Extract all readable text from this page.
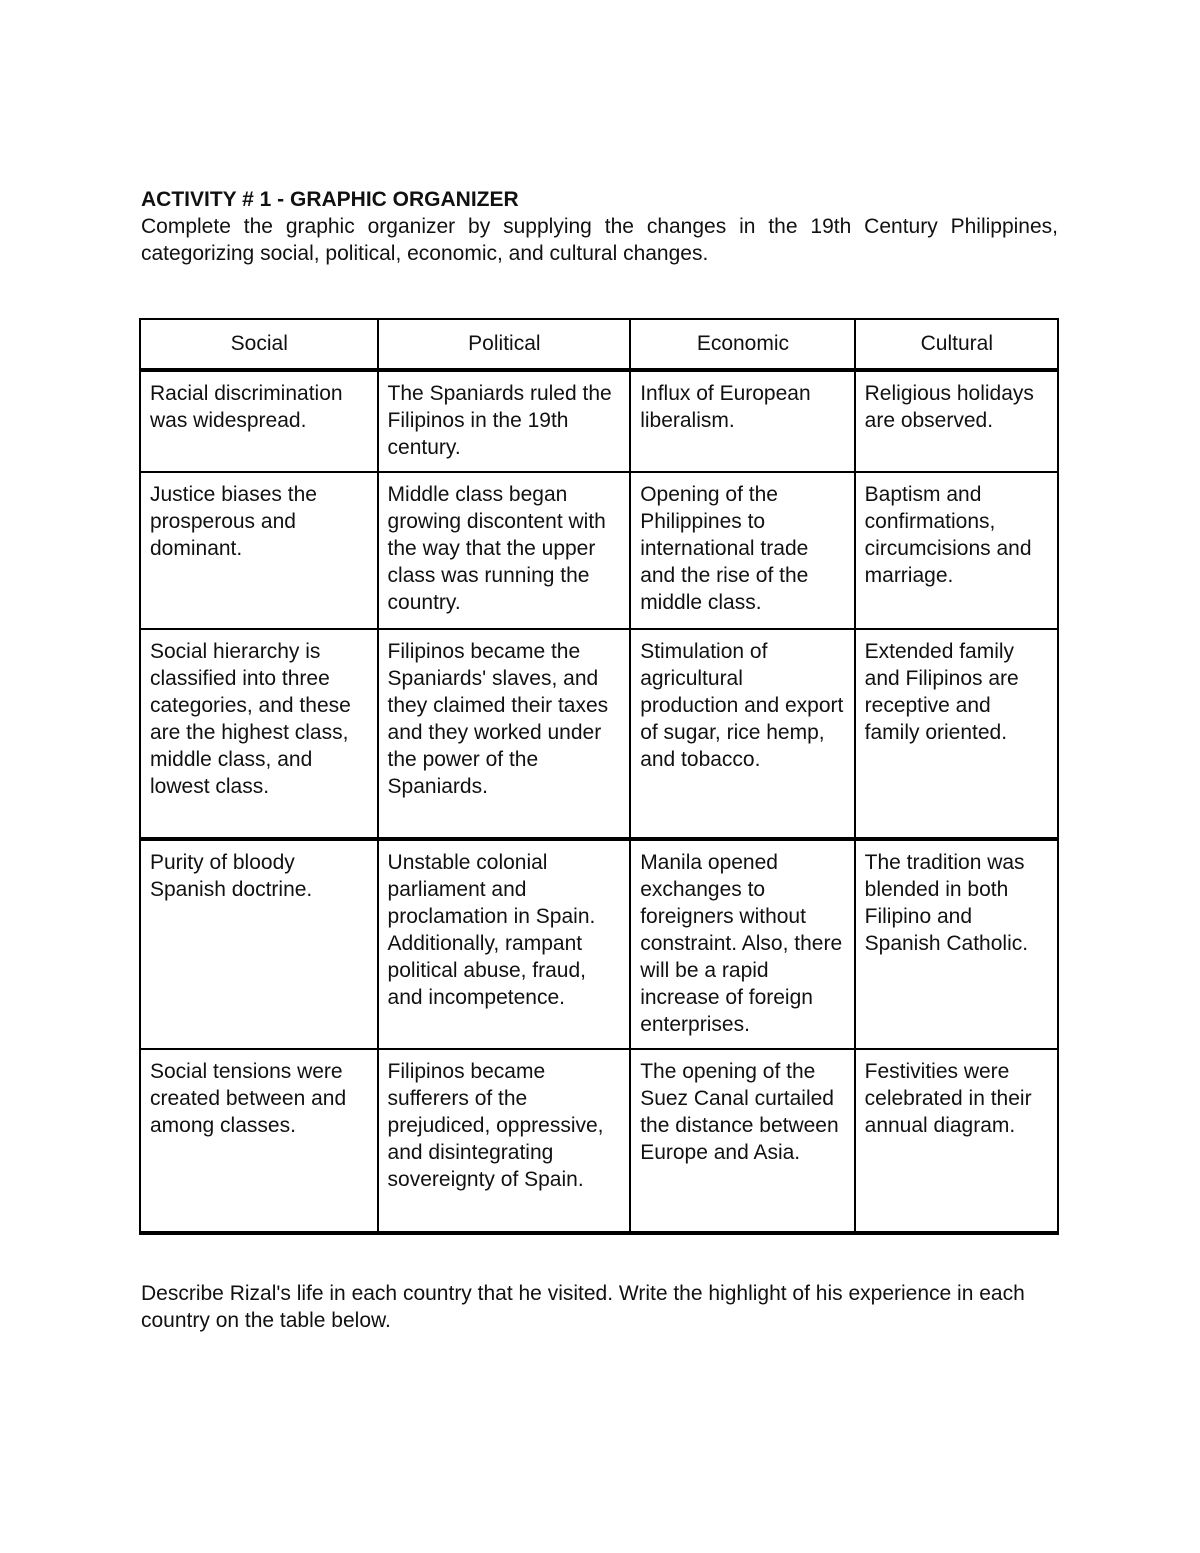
ACTIVITY # 1 - GRAPHIC ORGANIZER

Complete the graphic organizer by supplying the changes in the 19th Century Philippines, categorizing social, political, economic, and cultural changes.

Social	Political	Economic	Cultural
Racial discrimination was widespread.	The Spaniards ruled the Filipinos in the 19th century.	Influx of European liberalism.	Religious holidays are observed.
Justice biases the prosperous and dominant.	Middle class began growing discontent with the way that the upper class was running the country.	Opening of the Philippines to international trade and the rise of the middle class.	Baptism and confirmations, circumcisions and marriage.
Social hierarchy is classified into three categories, and these are the highest class, middle class, and lowest class.	Filipinos became the Spaniards' slaves, and they claimed their taxes and they worked under the power of the Spaniards.	Stimulation of agricultural production and export of sugar, rice hemp, and tobacco.	Extended family and Filipinos are receptive and family oriented.
Purity of bloody Spanish doctrine.	Unstable colonial parliament and proclamation in Spain. Additionally, rampant political abuse, fraud, and incompetence.	Manila opened exchanges to foreigners without constraint. Also, there will be a rapid increase of foreign enterprises.	The tradition was blended in both Filipino and Spanish Catholic.
Social tensions were created between and among classes.	Filipinos became sufferers of the prejudiced, oppressive, and disintegrating sovereignty of Spain.	The opening of the Suez Canal curtailed the distance between Europe and Asia.	Festivities were celebrated in their annual diagram.

Describe Rizal's life in each country that he visited. Write the highlight of his experience in each country on the table below.
